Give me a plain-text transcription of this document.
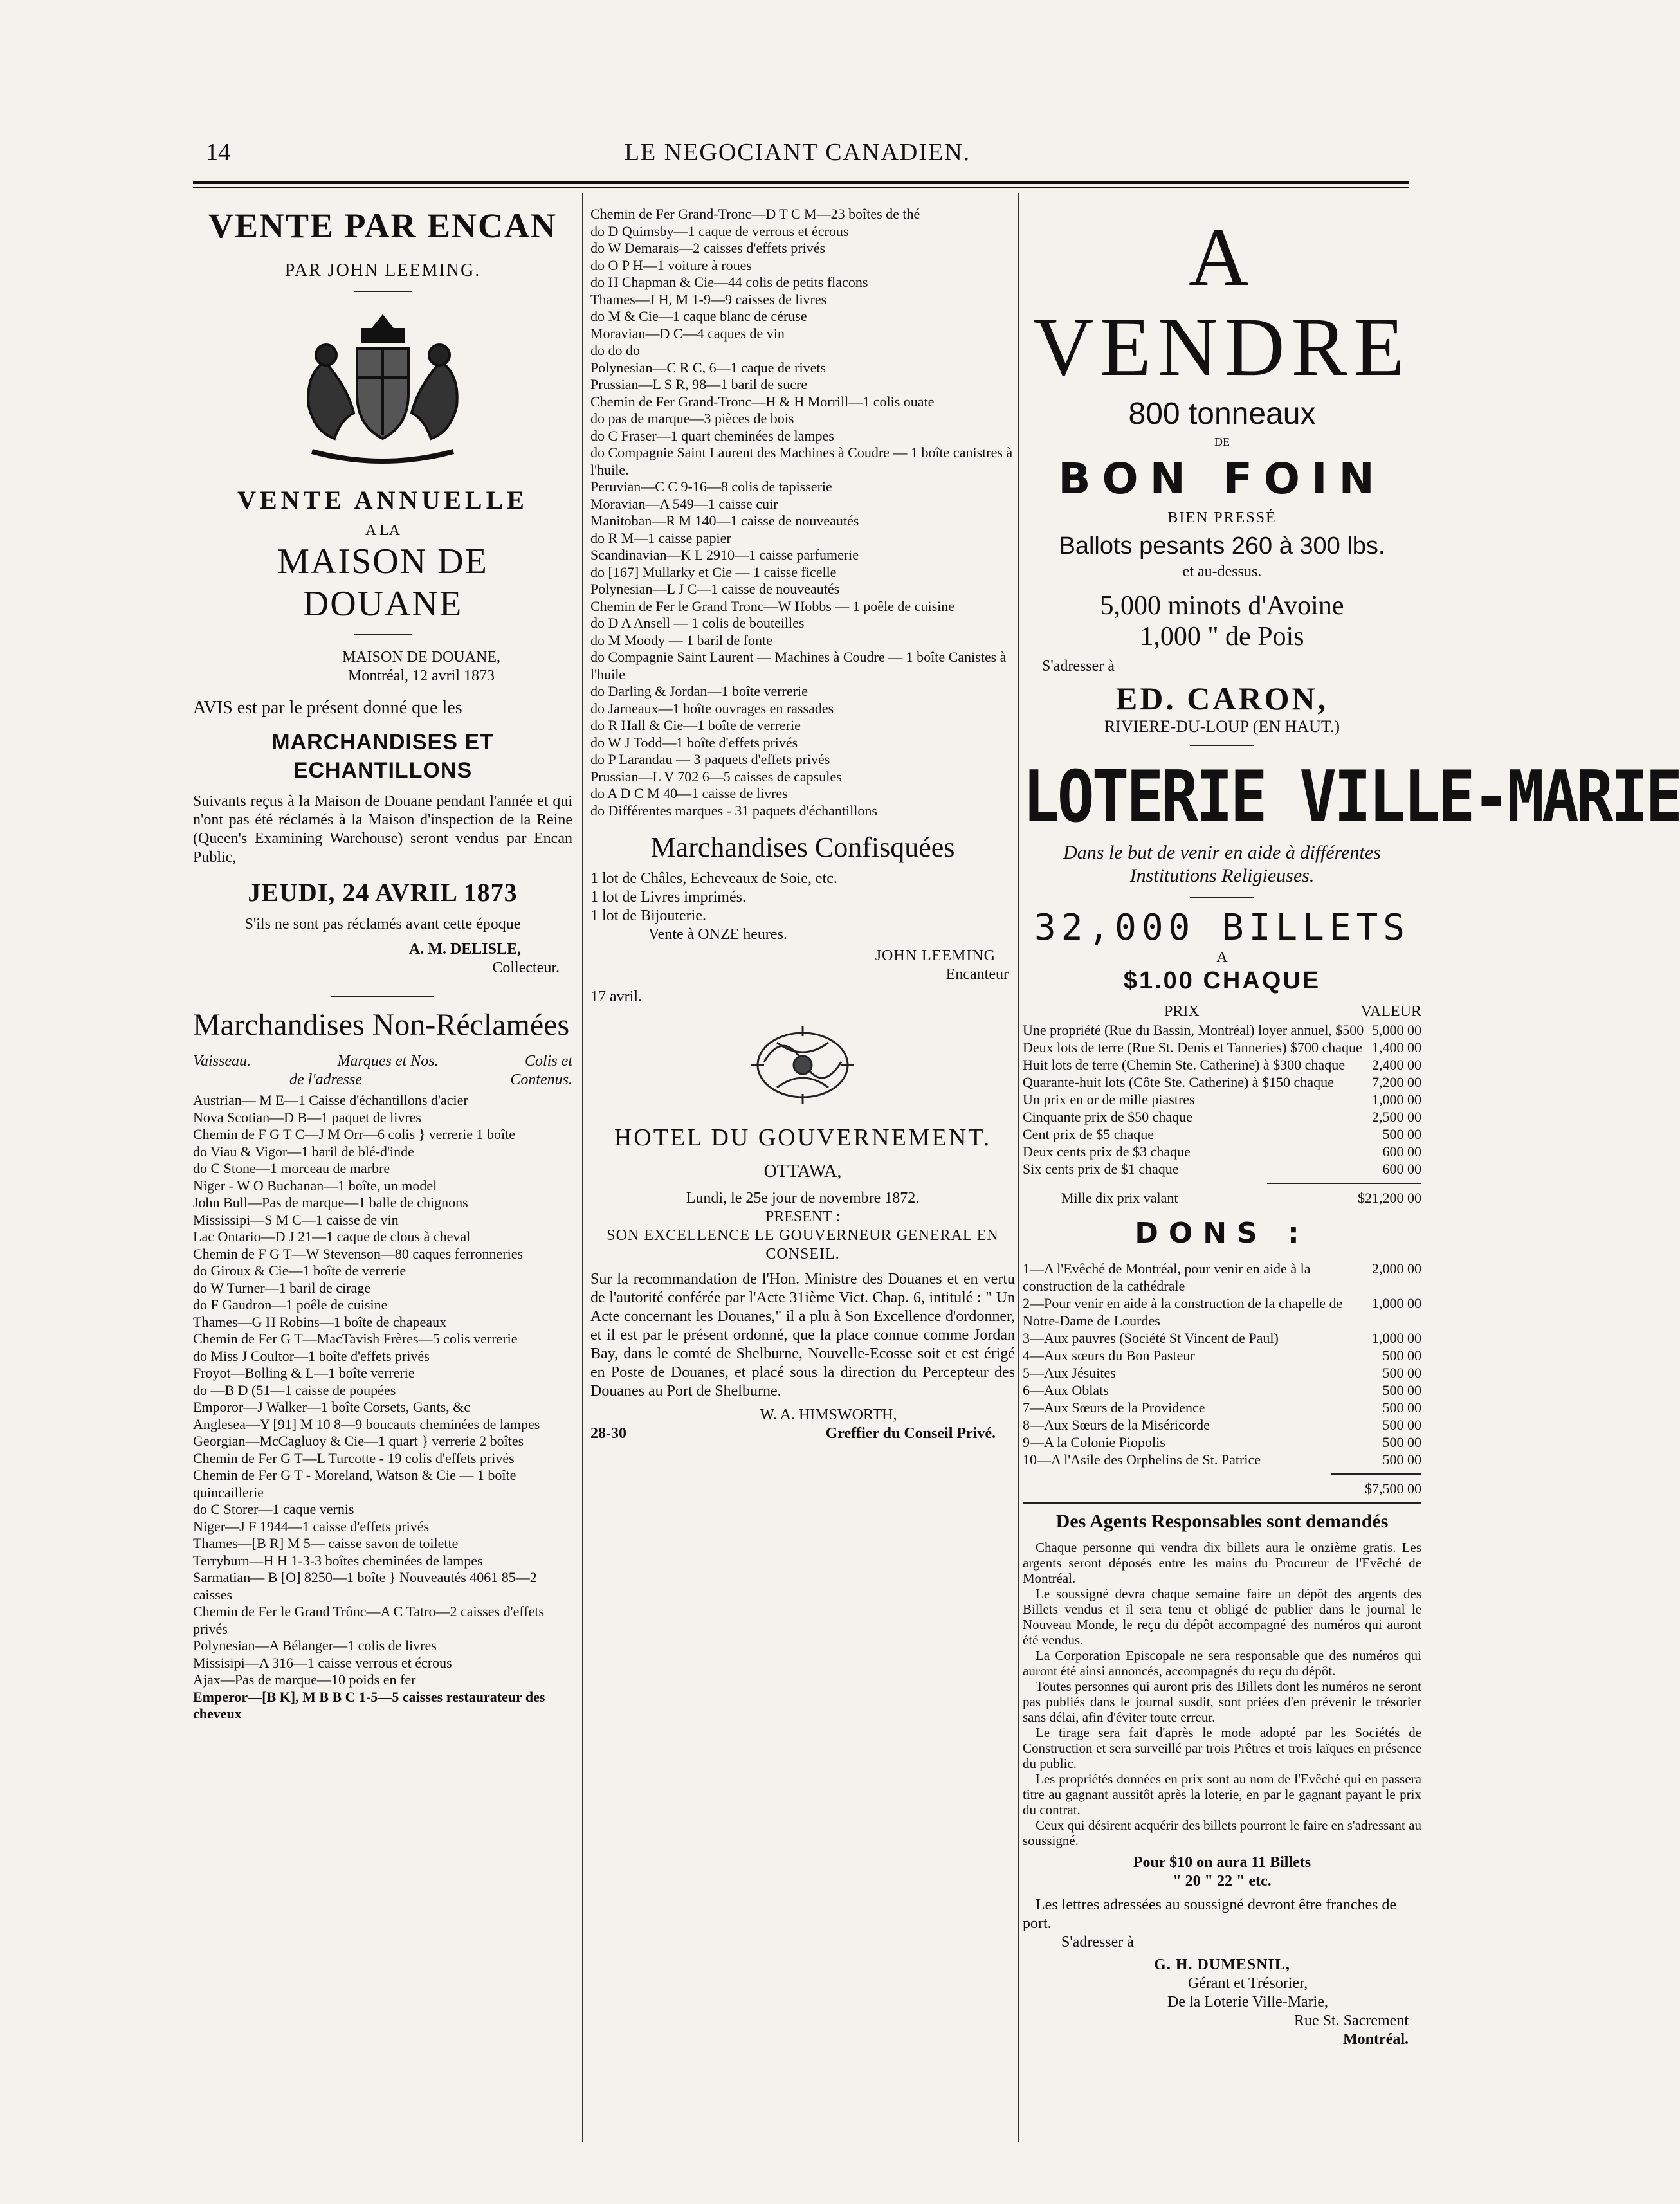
14	LE NEGOCIANT CANADIEN.
VENTE PAR ENCAN
PAR JOHN LEEMING.
VENTE ANNUELLE
A LA
MAISON DE DOUANE
MAISON DE DOUANE,
Montréal, 12 avril 1873
AVIS est par le présent donné que les
MARCHANDISES ET ECHANTILLONS
Suivants reçus à la Maison de Douane pendant l'année et qui n'ont pas été réclamés à la Maison d'inspection de la Reine (Queen's Examining Warehouse) seront vendus par Encan Public,
JEUDI, 24 AVRIL 1873
S'ils ne sont pas réclamés avant cette époque
A. M. DELISLE,
Collecteur.
Marchandises Non-Réclamées
Vaisseau.	Marques et Nos.	Colis et
de l'adresse	Contenus.
Austrian— M E—1 Caisse d'échantillons d'acier
Nova Scotian—D B—1 paquet de livres
Chemin de F G T C—J M Orr—6 colis } verrerie 1 boîte
do Viau & Vigor—1 baril de blé-d'inde
do C Stone—1 morceau de marbre
Niger - W O Buchanan—1 boîte, un model
John Bull—Pas de marque—1 balle de chignons
Mississipi—S M C—1 caisse de vin
Lac Ontario—D J 21—1 caque de clous à cheval
Chemin de F G T—W Stevenson—80 caques ferronneries
do Giroux & Cie—1 boîte de verrerie
do W Turner—1 baril de cirage
do F Gaudron—1 poêle de cuisine
Thames—G H Robins—1 boîte de chapeaux
Chemin de Fer G T—MacTavish Frères—5 colis verrerie
do Miss J Coultor—1 boîte d'effets privés
Froyot—Bolling & L—1 boîte verrerie
do —B D (51—1 caisse de poupées
Emporor—J Walker—1 boîte Corsets, Gants, &c
Anglesea—Y [91] M 10 8—9 boucauts cheminées de lampes
Georgian—McCagluoy & Cie—1 quart } verrerie 2 boîtes
Chemin de Fer G T—L Turcotte - 19 colis d'effets privés
Chemin de Fer G T - Moreland, Watson & Cie — 1 boîte quincaillerie
do C Storer—1 caque vernis
Niger—J F 1944—1 caisse d'effets privés
Thames—[B R] M 5— caisse savon de toilette
Terryburn—H H 1-3-3 boîtes cheminées de lampes
Sarmatian— B [O] 8250—1 boîte } Nouveautés 4061 85—2 caisses
Chemin de Fer le Grand Trônc—A C Tatro—2 caisses d'effets privés
Polynesian—A Bélanger—1 colis de livres
Missisipi—A 316—1 caisse verrous et écrous
Ajax—Pas de marque—10 poids en fer
Emperor—[B K], M B B C 1-5—5 caisses restaurateur des cheveux
Chemin de Fer Grand-Tronc—D T C M—23 boîtes de thé
do D Quimsby—1 caque de verrous et écrous
do W Demarais—2 caisses d'effets privés
do O P H—1 voiture à roues
do H Chapman & Cie—44 colis de petits flacons
Thames—J H, M 1-9—9 caisses de livres
do M & Cie—1 caque blanc de céruse
Moravian—D C—4 caques de vin
do do do
Polynesian—C R C, 6—1 caque de rivets
Prussian—L S R, 98—1 baril de sucre
Chemin de Fer Grand-Tronc—H & H Morrill—1 colis ouate
do pas de marque—3 pièces de bois
do C Fraser—1 quart cheminées de lampes
do Compagnie Saint Laurent des Machines à Coudre — 1 boîte canistres à l'huile.
Peruvian—C C 9-16—8 colis de tapisserie
Moravian—A 549—1 caisse cuir
Manitoban—R M 140—1 caisse de nouveautés
do R M—1 caisse papier
Scandinavian—K L 2910—1 caisse parfumerie
do [167] Mullarky et Cie — 1 caisse ficelle
Polynesian—L J C—1 caisse de nouveautés
Chemin de Fer le Grand Tronc—W Hobbs — 1 poêle de cuisine
do D A Ansell — 1 colis de bouteilles
do M Moody — 1 baril de fonte
do Compagnie Saint Laurent — Machines à Coudre — 1 boîte Canistes à l'huile
do Darling & Jordan—1 boîte verrerie
do Jarneaux—1 boîte ouvrages en rassades
do R Hall & Cie—1 boîte de verrerie
do W J Todd—1 boîte d'effets privés
do P Larandau — 3 paquets d'effets privés
Prussian—L V 702 6—5 caisses de capsules
do A D C M 40—1 caisse de livres
do Différentes marques - 31 paquets d'échantillons
Marchandises Confisquées
1 lot de Châles, Echeveaux de Soie, etc.
1 lot de Livres imprimés.
1 lot de Bijouterie.
Vente à ONZE heures.
JOHN LEEMING
Encanteur
17 avril.
HOTEL DU GOUVERNEMENT.
OTTAWA,
Lundi, le 25e jour de novembre 1872.
PRESENT :
SON EXCELLENCE LE GOUVERNEUR GENERAL EN CONSEIL.
Sur la recommandation de l'Hon. Ministre des Douanes et en vertu de l'autorité conférée par l'Acte 31ième Vict. Chap. 6, intitulé : " Un Acte concernant les Douanes," il a plu à Son Excellence d'ordonner, et il est par le présent ordonné, que la place connue comme Jordan Bay, dans le comté de Shelburne, Nouvelle-Ecosse soit et est érigé en Poste de Douanes, et placé sous la direction du Percepteur des Douanes au Port de Shelburne.
W. A. HIMSWORTH,
28-30	Greffier du Conseil Privé.
A VENDRE
800 tonneaux
DE
BON FOIN
BIEN PRESSÉ
Ballots pesants 260 à 300 lbs.
et au-dessus.
5,000 minots d'Avoine
1,000 " de Pois
S'adresser à
ED. CARON,
RIVIERE-DU-LOUP (EN HAUT.)
LOTERIE VILLE-MARIE
Dans le but de venir en aide à différentes Institutions Religieuses.
32,000 BILLETS
A
$1.00 CHAQUE
PRIX	VALEUR
Une propriété (Rue du Bassin, Montréal) loyer annuel, $500 5,000 00
Deux lots de terre (Rue St. Denis et Tanneries) $700 chaque 1,400 00
Huit lots de terre (Chemin Ste. Catherine) à $300 chaque	2,400 00
Quarante-huit lots (Côte Ste. Catherine) à $150 chaque	7,200 00
Un prix en or de mille piastres	1,000 00
Cinquante prix de $50 chaque	2,500 00
Cent prix de $5 chaque	500 00
Deux cents prix de $3 chaque	600 00
Six cents prix de $1 chaque	600 00
Mille dix prix valant	$21,200 00
DONS :
1—A l'Evêché de Montréal, pour venir en aide à la construction de la cathédrale
2,000 00
2—Pour venir en aide à la construction de la chapelle de Notre-Dame de Lourdes
1,000 00
3—Aux pauvres (Société St Vincent de Paul)	1,000 00
4—Aux sœurs du Bon Pasteur	500 00
5—Aux Jésuites	500 00
6—Aux Oblats	500 00
7—Aux Sœurs de la Providence	500 00
8—Aux Sœurs de la Miséricorde	500 00
9—A la Colonie Piopolis	500 00
10—A l'Asile des Orphelins de St. Patrice	500 00
$7,500 00
Des Agents Responsables sont demandés
Chaque personne qui vendra dix billets aura le onzième gratis. Les argents seront déposés entre les mains du Procureur de l'Evêché de Montréal.
Le soussigné devra chaque semaine faire un dépôt des argents des Billets vendus et il sera tenu et obligé de publier dans le journal le Nouveau Monde, le reçu du dépôt accompagné des numéros qui auront été vendus.
La Corporation Episcopale ne sera responsable que des numéros qui auront été ainsi annoncés, accompagnés du reçu du dépôt.
Toutes personnes qui auront pris des Billets dont les numéros ne seront pas publiés dans le journal susdit, sont priées d'en prévenir le trésorier sans délai, afin d'éviter toute erreur.
Le tirage sera fait d'après le mode adopté par les Sociétés de Construction et sera surveillé par trois Prêtres et trois laïques en présence du public.
Les propriétés données en prix sont au nom de l'Evêché qui en passera titre au gagnant aussitôt après la loterie, en par le gagnant payant le prix du contrat.
Ceux qui désirent acquérir des billets pourront le faire en s'adressant au soussigné.
Pour $10 on aura 11 Billets
" 20 " 22 " etc.
Les lettres adressées au soussigné devront être franches de port.
S'adresser à
G. H. DUMESNIL,
Gérant et Trésorier,
De la Loterie Ville-Marie,
Rue St. Sacrement
Montréal.
